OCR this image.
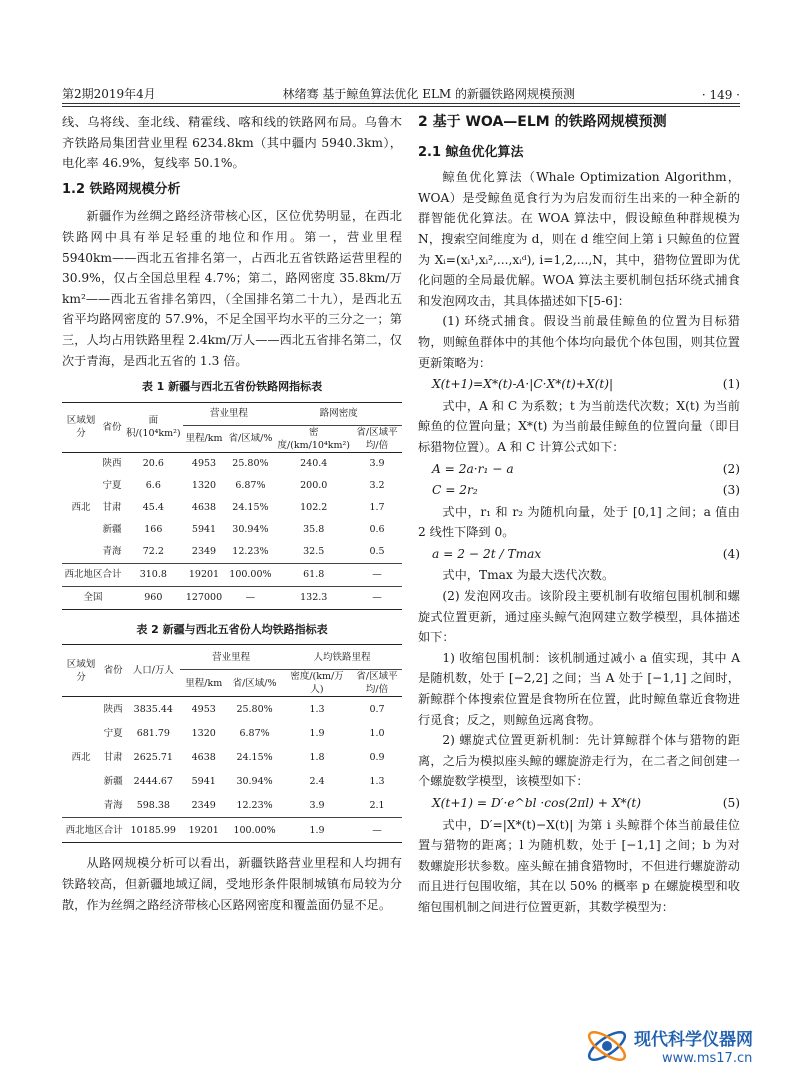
第2期2019年4月	林绪骞 基于鲸鱼算法优化 ELM 的新疆铁路网规模预测	· 149 ·

线、乌将线、奎北线、精霍线、喀和线的铁路网布局。乌鲁木齐铁路局集团营业里程 6234.8km（其中疆内 5940.3km），电化率 46.9%，复线率 50.1%。

1.2 铁路网规模分析

新疆作为丝绸之路经济带核心区，区位优势明显，在西北铁路网中具有举足轻重的地位和作用。第一，营业里程 5940km——西北五省排名第一，占西北五省铁路运营里程的 30.9%，仅占全国总里程 4.7%；第二，路网密度 35.8km/万km²——西北五省排名第四，（全国排名第二十九），是西北五省平均路网密度的 57.9%，不足全国平均水平的三分之一；第三，人均占用铁路里程 2.4km/万人——西北五省排名第二，仅次于青海，是西北五省的 1.3 倍。

表 1 新疆与西北五省份铁路网指标表
区域划分	省份	面积/(10⁴km²)	营业里程		路网密度	
			里程/km	省/区域/%	密度/(km/10⁴km²)	省/区域平均/倍
西北	陕西	20.6	4953	25.80%	240.4	3.9
	宁夏	6.6	1320	6.87%	200.0	3.2
	甘肃	45.4	4638	24.15%	102.2	1.7
	新疆	166	5941	30.94%	35.8	0.6
	青海	72.2	2349	12.23%	32.5	0.5
西北地区合计		310.8	19201	100.00%	61.8	—
全国		960	127000	—	132.3	—
表 2 新疆与西北五省份人均铁路指标表
区域划分	省份	人口/万人	营业里程		人均铁路里程	
			里程/km	省/区域/%	密度/(km/万人)	省/区域平均/倍
西北	陕西	3835.44	4953	25.80%	1.3	0.7
	宁夏	681.79	1320	6.87%	1.9	1.0
	甘肃	2625.71	4638	24.15%	1.8	0.9
	新疆	2444.67	5941	30.94%	2.4	1.3
	青海	598.38	2349	12.23%	3.9	2.1
西北地区合计		10185.99	19201	100.00%	1.9	—

从路网规模分析可以看出，新疆铁路营业里程和人均拥有铁路较高，但新疆地域辽阔，受地形条件限制城镇布局较为分散，作为丝绸之路经济带核心区路网密度和覆盖面仍显不足。

2 基于 WOA—ELM 的铁路网规模预测
2.1 鲸鱼优化算法

鲸鱼优化算法（Whale Optimization Algorithm，WOA）是受鲸鱼觅食行为为启发而衍生出来的一种全新的群智能优化算法。在 WOA 算法中，假设鲸鱼种群规模为 N，搜索空间维度为 d，则在 d 维空间上第 i 只鲸鱼的位置为 Xᵢ=(xᵢ¹,xᵢ²,...,xᵢᵈ), i=1,2,...,N，其中，猎物位置即为优化问题的全局最优解。WOA 算法主要机制包括环绕式捕食和发泡网攻击，其具体描述如下[5-6]：

(1) 环绕式捕食。假设当前最佳鲸鱼的位置为目标猎物，则鲸鱼群体中的其他个体均向最优个体包围，则其位置更新策略为：

X(t+1)=X*(t)-A·|C·X*(t)+X(t)|	(1)

式中，A 和 C 为系数；t 为当前迭代次数；X(t) 为当前鲸鱼的位置向量；X*(t) 为当前最佳鲸鱼的位置向量（即目标猎物位置）。A 和 C 计算公式如下：

A = 2a·r₁ − a	(2)
C = 2r₂	(3)

式中，r₁ 和 r₂ 为随机向量，处于 [0,1] 之间；a 值由 2 线性下降到 0。

a = 2 − 2t / Tmax	(4)

式中，Tmax 为最大迭代次数。

(2) 发泡网攻击。该阶段主要机制有收缩包围机制和螺旋式位置更新，通过座头鲸气泡网建立数学模型，具体描述如下：

1) 收缩包围机制：该机制通过减小 a 值实现，其中 A 是随机数，处于 [−2,2] 之间；当 A 处于 [−1,1] 之间时，新鲸群个体搜索位置是食物所在位置，此时鲸鱼靠近食物进行觅食；反之，则鲸鱼远离食物。

2) 螺旋式位置更新机制：先计算鲸群个体与猎物的距离，之后为模拟座头鲸的螺旋游走行为，在二者之间创建一个螺旋数学模型，该模型如下：

X(t+1) = D′·e^bl ·cos(2πl) + X*(t)	(5)

式中，D′=|X*(t)−X(t)| 为第 i 头鲸群个体当前最佳位置与猎物的距离；l 为随机数，处于 [−1,1] 之间；b 为对数螺旋形状参数。座头鲸在捕食猎物时，不但进行螺旋游动而且进行包围收缩，其在以 50% 的概率 p 在螺旋模型和收缩包围机制之间进行位置更新，其数学模型为：

现代科学仪器网
www.ms17.cn
